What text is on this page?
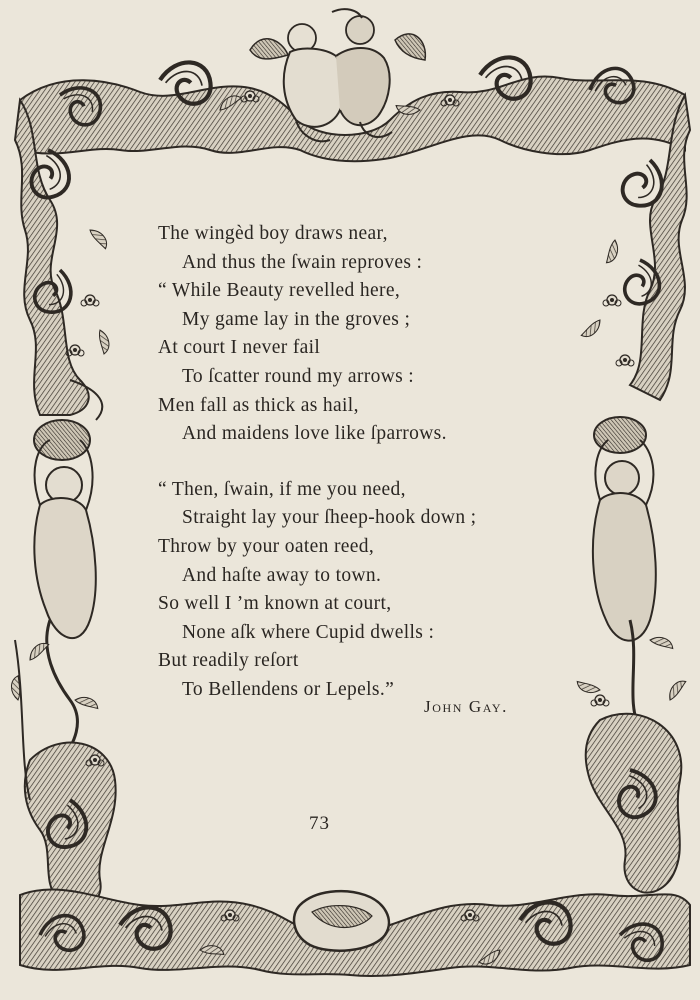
The wingèd boy draws near,
And thus the ſwain reproves :
“ While Beauty revelled here,
My game lay in the groves ;
At court I never fail
To ſcatter round my arrows :
Men fall as thick as hail,
And maidens love like ſparrows.
“ Then, ſwain, if me you need,
Straight lay your ſheep-hook down ;
Throw by your oaten reed,
And haſte away to town.
So well I ’m known at court,
None aſk where Cupid dwells :
But readily reſort
To Bellendens or Lepels.”
John Gay.
73
